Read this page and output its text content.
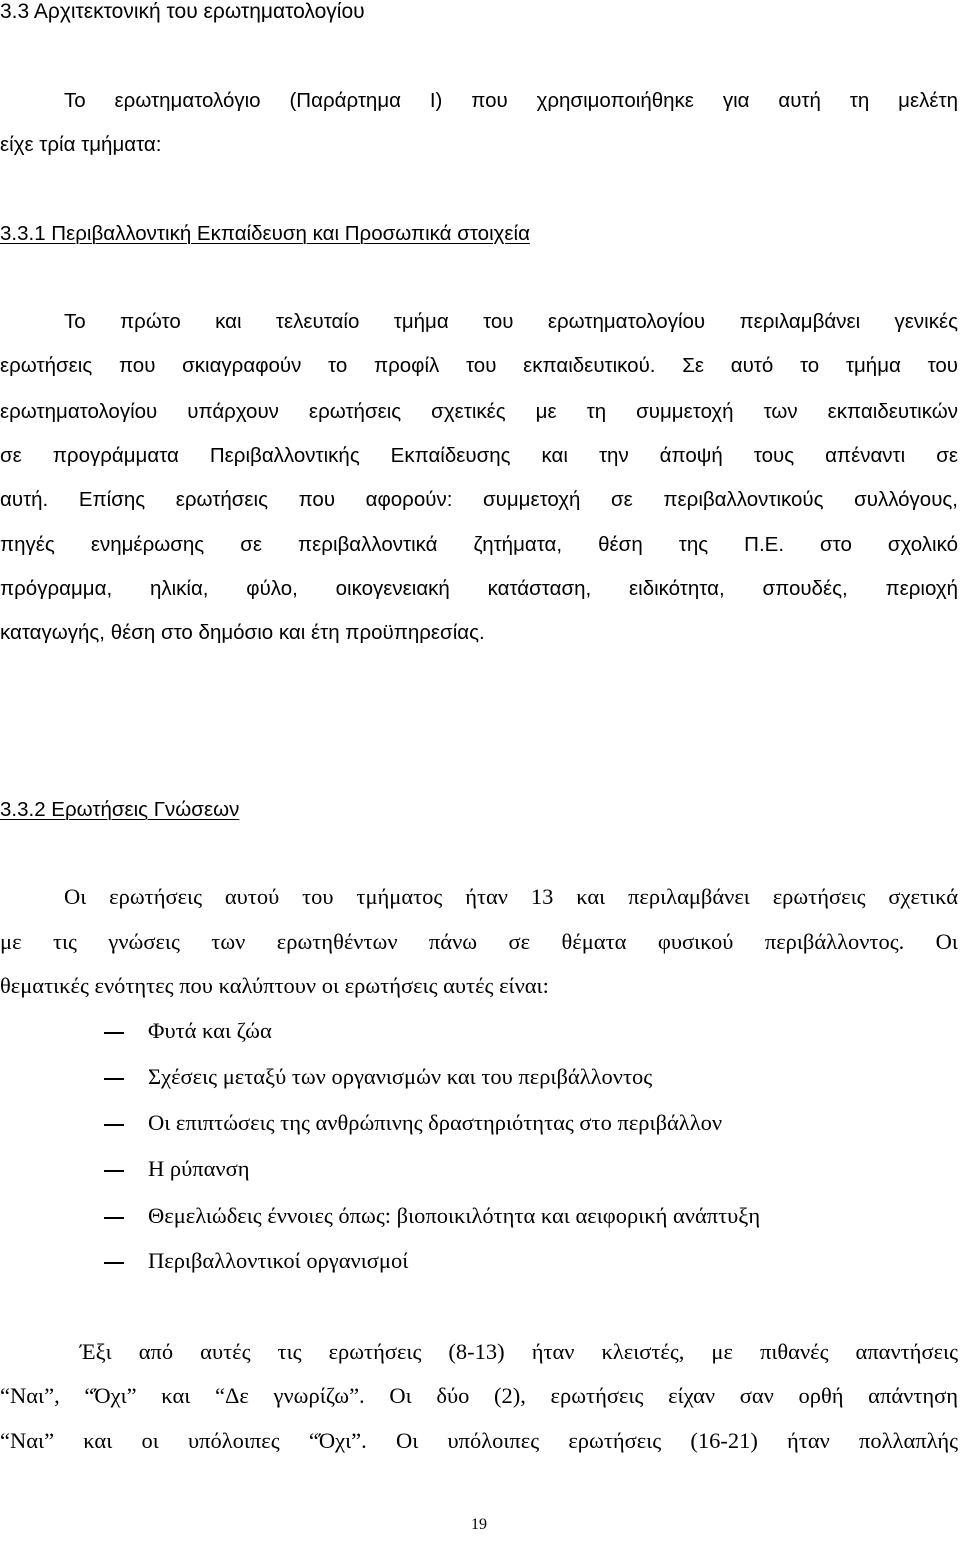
3.3 Αρχιτεκτονική του ερωτηματολογίου
Το ερωτηματολόγιο (Παράρτημα Ι) που χρησιμοποιήθηκε για αυτή τη μελέτη
είχε τρία τμήματα:
3.3.1 Περιβαλλοντική Εκπαίδευση και Προσωπικά στοιχεία
Το πρώτο και τελευταίο τμήμα του ερωτηματολογίου περιλαμβάνει γενικές
ερωτήσεις που σκιαγραφούν το προφίλ του εκπαιδευτικού. Σε αυτό το τμήμα του
ερωτηματολογίου υπάρχουν ερωτήσεις σχετικές με τη συμμετοχή των εκπαιδευτικών
σε προγράμματα Περιβαλλοντικής Εκπαίδευσης και την άποψή τους απέναντι σε
αυτή. Επίσης ερωτήσεις που αφορούν: συμμετοχή σε περιβαλλοντικούς συλλόγους,
πηγές ενημέρωσης σε περιβαλλοντικά ζητήματα, θέση της Π.Ε. στο σχολικό
πρόγραμμα, ηλικία, φύλο, οικογενειακή κατάσταση, ειδικότητα, σπουδές, περιοχή
καταγωγής, θέση στο δημόσιο και έτη προϋπηρεσίας.
3.3.2 Ερωτήσεις Γνώσεων
Οι ερωτήσεις αυτού του τμήματος ήταν 13 και περιλαμβάνει ερωτήσεις σχετικά
με τις γνώσεις των ερωτηθέντων πάνω σε θέματα φυσικού περιβάλλοντος. Οι
θεματικές ενότητες που καλύπτουν οι ερωτήσεις αυτές είναι:
Φυτά και ζώα
Σχέσεις μεταξύ των οργανισμών και του περιβάλλοντος
Οι επιπτώσεις της ανθρώπινης δραστηριότητας στο περιβάλλον
Η ρύπανση
Θεμελιώδεις έννοιες όπως: βιοποικιλότητα και αειφορική ανάπτυξη
Περιβαλλοντικοί οργανισμοί
Έξι από αυτές τις ερωτήσεις (8-13) ήταν κλειστές, με πιθανές απαντήσεις
“Ναι”, “Όχι” και “Δε γνωρίζω”. Οι δύο (2), ερωτήσεις είχαν σαν ορθή απάντηση
“Ναι” και οι υπόλοιπες “Όχι”. Οι υπόλοιπες ερωτήσεις (16-21) ήταν πολλαπλής
19
